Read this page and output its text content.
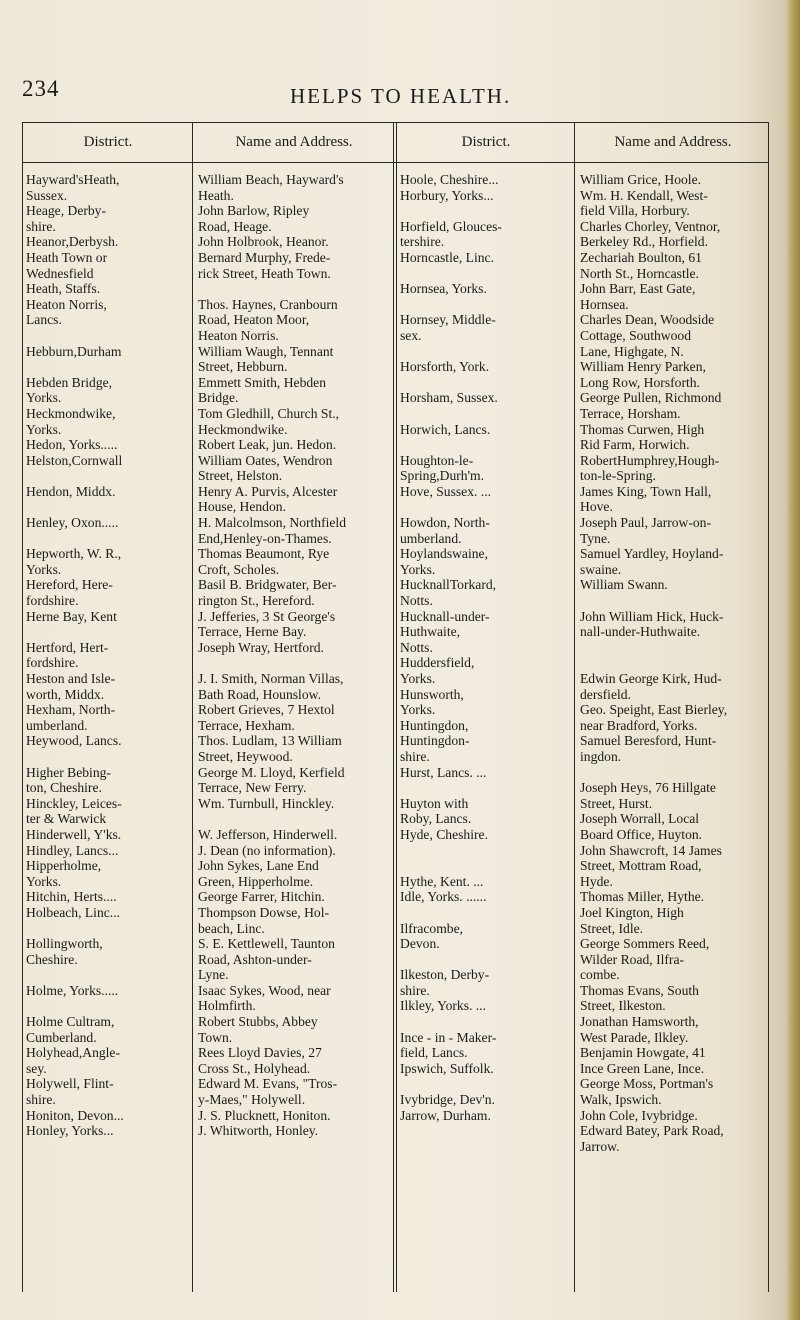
234	HELPS TO HEALTH.
District.
Hayward'sHeath,
Sussex.
Heage, Derby-
shire.
Heanor,Derbysh.
Heath Town or
Wednesfield
Heath, Staffs.
Heaton Norris,
Lancs.

Hebburn,Durham

Hebden Bridge,
Yorks.
Heckmondwike,
Yorks.
Hedon, Yorks.....
Helston,Cornwall

Hendon, Middx.

Henley, Oxon.....

Hepworth, W. R.,
Yorks.
Hereford, Here-
fordshire.
Herne Bay, Kent

Hertford, Hert-
fordshire.
Heston and Isle-
worth, Middx.
Hexham, North-
umberland.
Heywood, Lancs.

Higher Bebing-
ton, Cheshire.
Hinckley, Leices-
ter & Warwick
Hinderwell, Y'ks.
Hindley, Lancs...
Hipperholme,
Yorks.
Hitchin, Herts....
Holbeach, Linc...

Hollingworth,
Cheshire.

Holme, Yorks.....

Holme Cultram,
Cumberland.
Holyhead,Angle-
sey.
Holywell, Flint-
shire.
Honiton, Devon...
Honley, Yorks...
Name and Address.
William Beach, Hayward's
Heath.
John Barlow, Ripley
Road, Heage.
John Holbrook, Heanor.
Bernard Murphy, Frede-
rick Street, Heath Town.

Thos. Haynes, Cranbourn
Road, Heaton Moor,
Heaton Norris.
William Waugh, Tennant
Street, Hebburn.
Emmett Smith, Hebden
Bridge.
Tom Gledhill, Church St.,
Heckmondwike.
Robert Leak, jun. Hedon.
William Oates, Wendron
Street, Helston.
Henry A. Purvis, Alcester
House, Hendon.
H. Malcolmson, Northfield
End,Henley-on-Thames.
Thomas Beaumont, Rye
Croft, Scholes.
Basil B. Bridgwater, Ber-
rington St., Hereford.
J. Jefferies, 3 St George's
Terrace, Herne Bay.
Joseph Wray, Hertford.

J. I. Smith, Norman Villas,
Bath Road, Hounslow.
Robert Grieves, 7 Hextol
Terrace, Hexham.
Thos. Ludlam, 13 William
Street, Heywood.
George M. Lloyd, Kerfield
Terrace, New Ferry.
Wm. Turnbull, Hinckley.

W. Jefferson, Hinderwell.
J. Dean (no information).
John Sykes, Lane End
Green, Hipperholme.
George Farrer, Hitchin.
Thompson Dowse, Hol-
beach, Linc.
S. E. Kettlewell, Taunton
Road, Ashton-under-
Lyne.
Isaac Sykes, Wood, near
Holmfirth.
Robert Stubbs, Abbey
Town.
Rees Lloyd Davies, 27
Cross St., Holyhead.
Edward M. Evans, "Tros-
y-Maes," Holywell.
J. S. Plucknett, Honiton.
J. Whitworth, Honley.
District.
Hoole, Cheshire...
Horbury, Yorks...

Horfield, Glouces-
tershire.
Horncastle, Linc.

Hornsea, Yorks.

Hornsey, Middle-
sex.

Horsforth, York.

Horsham, Sussex.

Horwich, Lancs.

Houghton-le-
Spring,Durh'm.
Hove, Sussex. ...

Howdon, North-
umberland.
Hoylandswaine,
Yorks.
HucknallTorkard,
Notts.
Hucknall-under-
Huthwaite,
Notts.
Huddersfield,
Yorks.
Hunsworth,
Yorks.
Huntingdon,
Huntingdon-
shire.
Hurst, Lancs. ...

Huyton with
Roby, Lancs.
Hyde, Cheshire.

Hythe, Kent. ...
Idle, Yorks. ......

Ilfracombe,
Devon.

Ilkeston, Derby-
shire.
Ilkley, Yorks. ...

Ince - in - Maker-
field, Lancs.
Ipswich, Suffolk.

Ivybridge, Dev'n.
Jarrow, Durham.
Name and Address.
William Grice, Hoole.
Wm. H. Kendall, West-
field Villa, Horbury.
Charles Chorley, Ventnor,
Berkeley Rd., Horfield.
Zechariah Boulton, 61
North St., Horncastle.
John Barr, East Gate,
Hornsea.
Charles Dean, Woodside
Cottage, Southwood
Lane, Highgate, N.
William Henry Parken,
Long Row, Horsforth.
George Pullen, Richmond
Terrace, Horsham.
Thomas Curwen, High
Rid Farm, Horwich.
RobertHumphrey,Hough-
ton-le-Spring.
James King, Town Hall,
Hove.
Joseph Paul, Jarrow-on-
Tyne.
Samuel Yardley, Hoyland-
swaine.
William Swann.

John William Hick, Huck-
nall-under-Huthwaite.

Edwin George Kirk, Hud-
dersfield.
Geo. Speight, East Bierley,
near Bradford, Yorks.
Samuel Beresford, Hunt-
ingdon.

Joseph Heys, 76 Hillgate
Street, Hurst.
Joseph Worrall, Local
Board Office, Huyton.
John Shawcroft, 14 James
Street, Mottram Road,
Hyde.
Thomas Miller, Hythe.
Joel Kington, High
Street, Idle.
George Sommers Reed,
Wilder Road, Ilfra-
combe.
Thomas Evans, South
Street, Ilkeston.
Jonathan Hamsworth,
West Parade, Ilkley.
Benjamin Howgate, 41
Ince Green Lane, Ince.
George Moss, Portman's
Walk, Ipswich.
John Cole, Ivybridge.
Edward Batey, Park Road,
Jarrow.
